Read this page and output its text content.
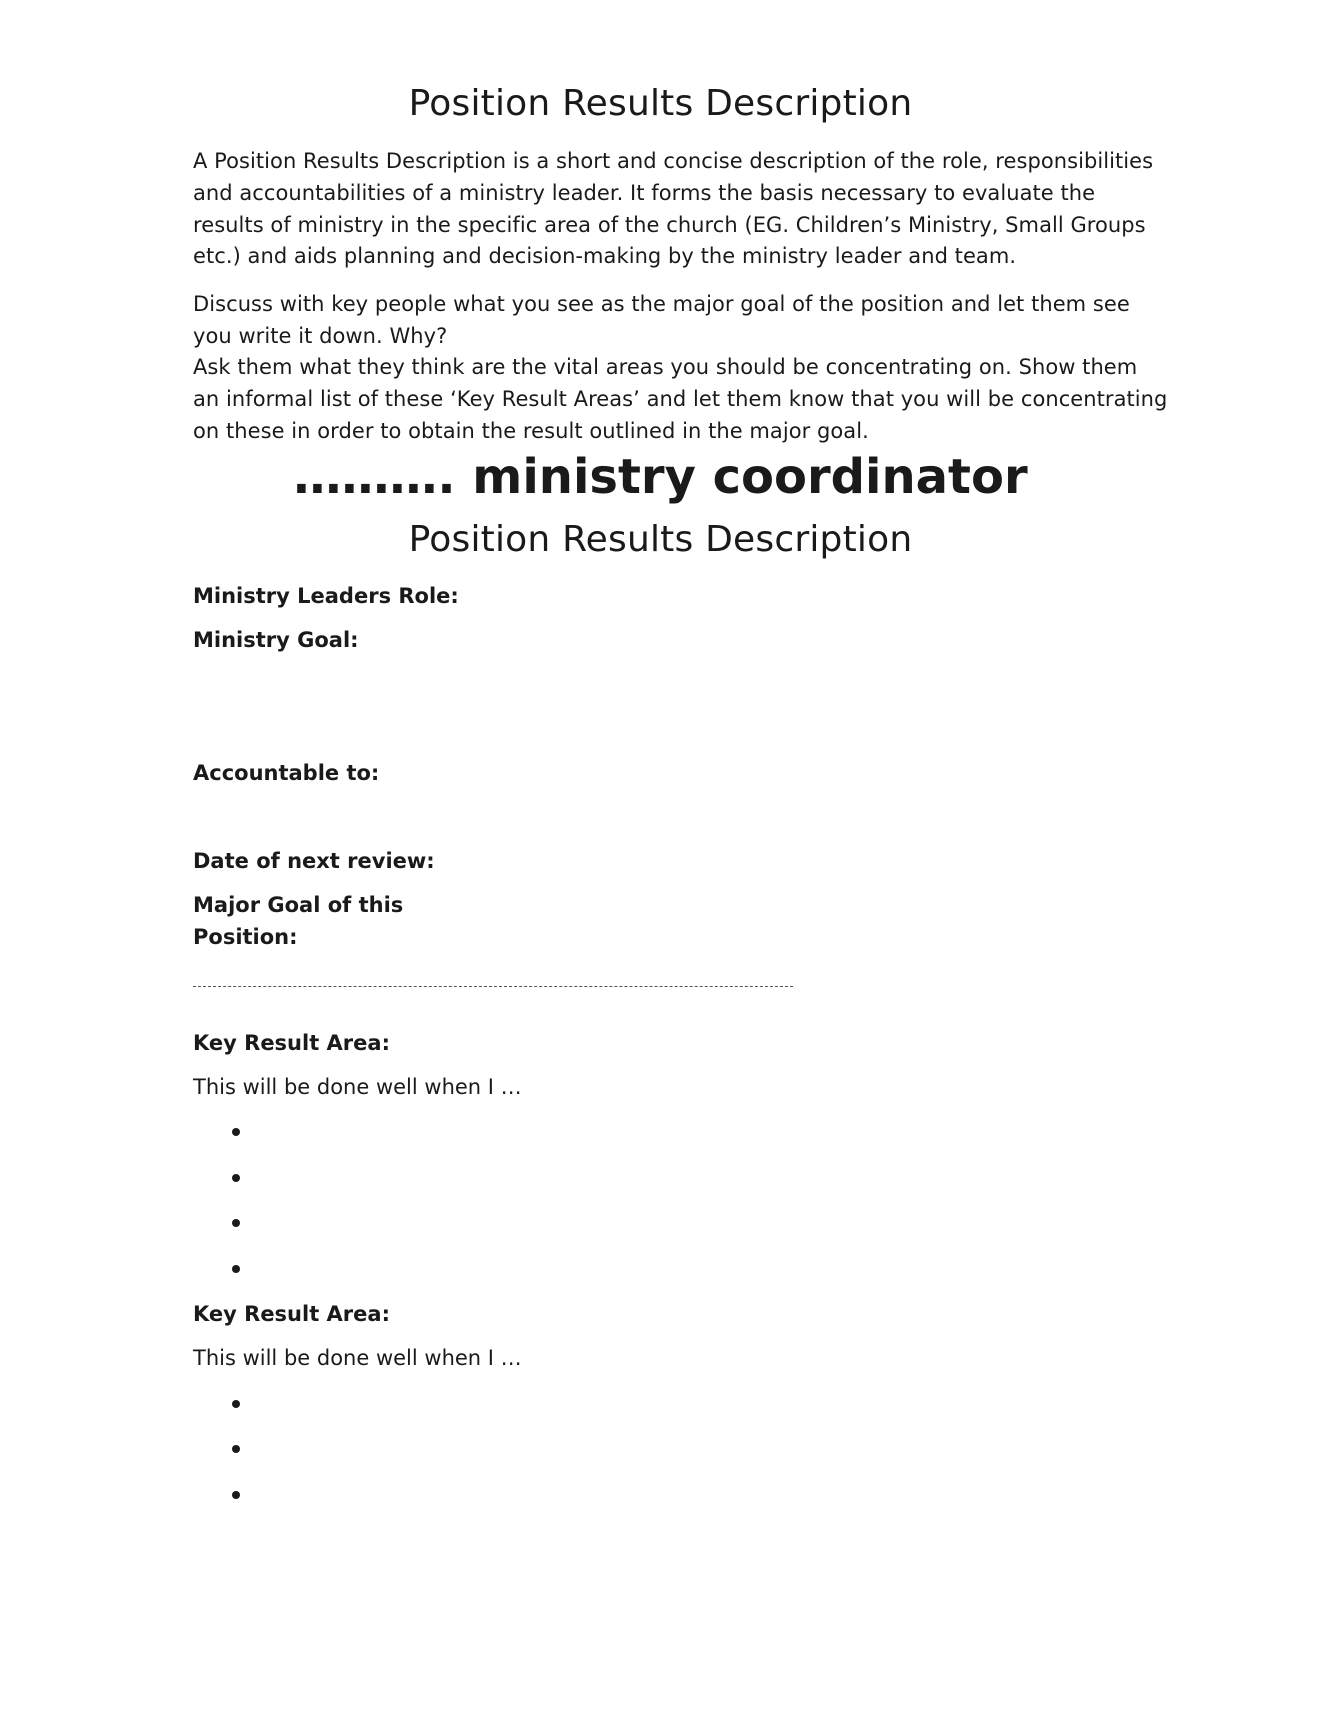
Position Results Description

A Position Results Description is a short and concise description of the role, responsibilities and accountabilities of a ministry leader. It forms the basis necessary to evaluate the results of ministry in the specific area of the church (EG. Children’s Ministry, Small Groups etc.) and aids planning and decision-making by the ministry leader and team.

Discuss with key people what you see as the major goal of the position and let them see you write it down. Why?

Ask them what they think are the vital areas you should be concentrating on. Show them an informal list of these ‘Key Result Areas’ and let them know that you will be concentrating on these in order to obtain the result outlined in the major goal.

………. ministry coordinator
Position Results Description

Ministry Leaders Role:

Ministry Goal:

Accountable to:

Date of next review:

Major Goal of this Position:

Key Result Area:

This will be done well when I …

Key Result Area:

This will be done well when I …
